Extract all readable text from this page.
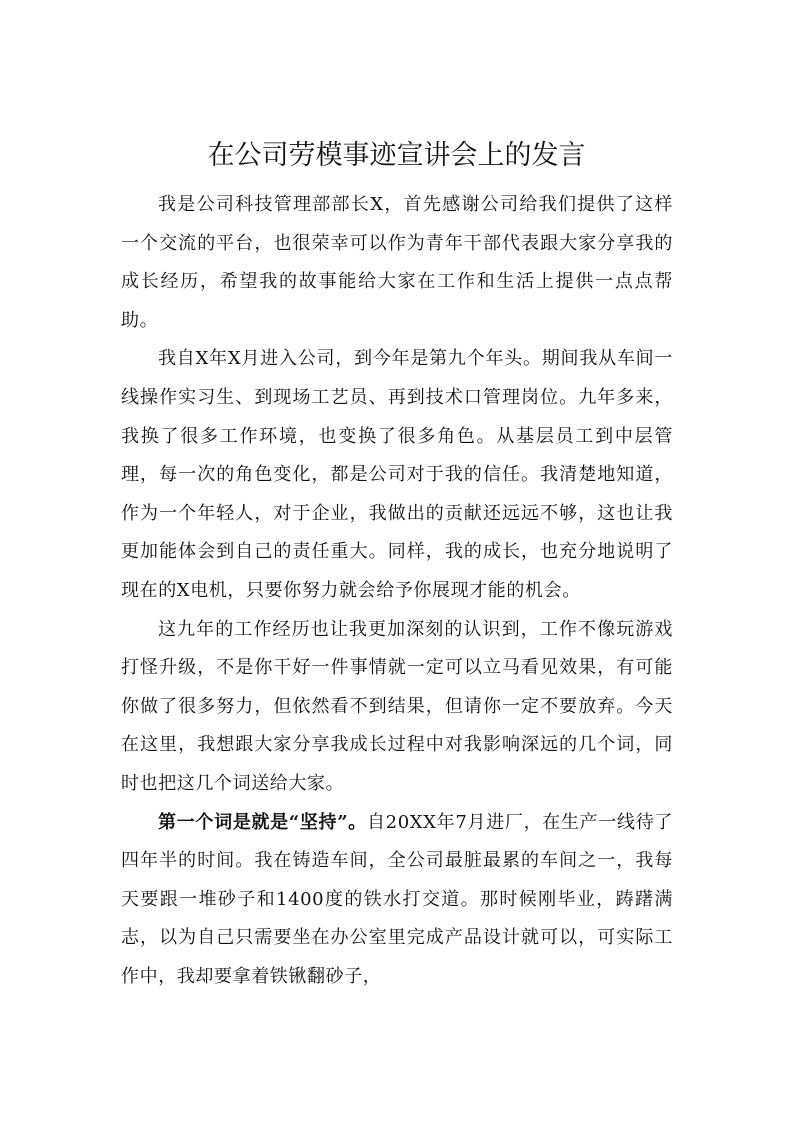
在公司劳模事迹宣讲会上的发言

我是公司科技管理部部长X，首先感谢公司给我们提供了这样一个交流的平台，也很荣幸可以作为青年干部代表跟大家分享我的成长经历，希望我的故事能给大家在工作和生活上提供一点点帮助。

我自X年X月进入公司，到今年是第九个年头。期间我从车间一线操作实习生、到现场工艺员、再到技术口管理岗位。九年多来，我换了很多工作环境，也变换了很多角色。从基层员工到中层管理，每一次的角色变化，都是公司对于我的信任。我清楚地知道，作为一个年轻人，对于企业，我做出的贡献还远远不够，这也让我更加能体会到自己的责任重大。同样，我的成长，也充分地说明了现在的X电机，只要你努力就会给予你展现才能的机会。

这九年的工作经历也让我更加深刻的认识到，工作不像玩游戏打怪升级，不是你干好一件事情就一定可以立马看见效果，有可能你做了很多努力，但依然看不到结果，但请你一定不要放弃。今天在这里，我想跟大家分享我成长过程中对我影响深远的几个词，同时也把这几个词送给大家。

第一个词是就是“坚持”。自20XX年7月进厂，在生产一线待了四年半的时间。我在铸造车间，全公司最脏最累的车间之一，我每天要跟一堆砂子和1400度的铁水打交道。那时候刚毕业，踌躇满志，以为自己只需要坐在办公室里完成产品设计就可以，可实际工作中，我却要拿着铁锹翻砂子，
